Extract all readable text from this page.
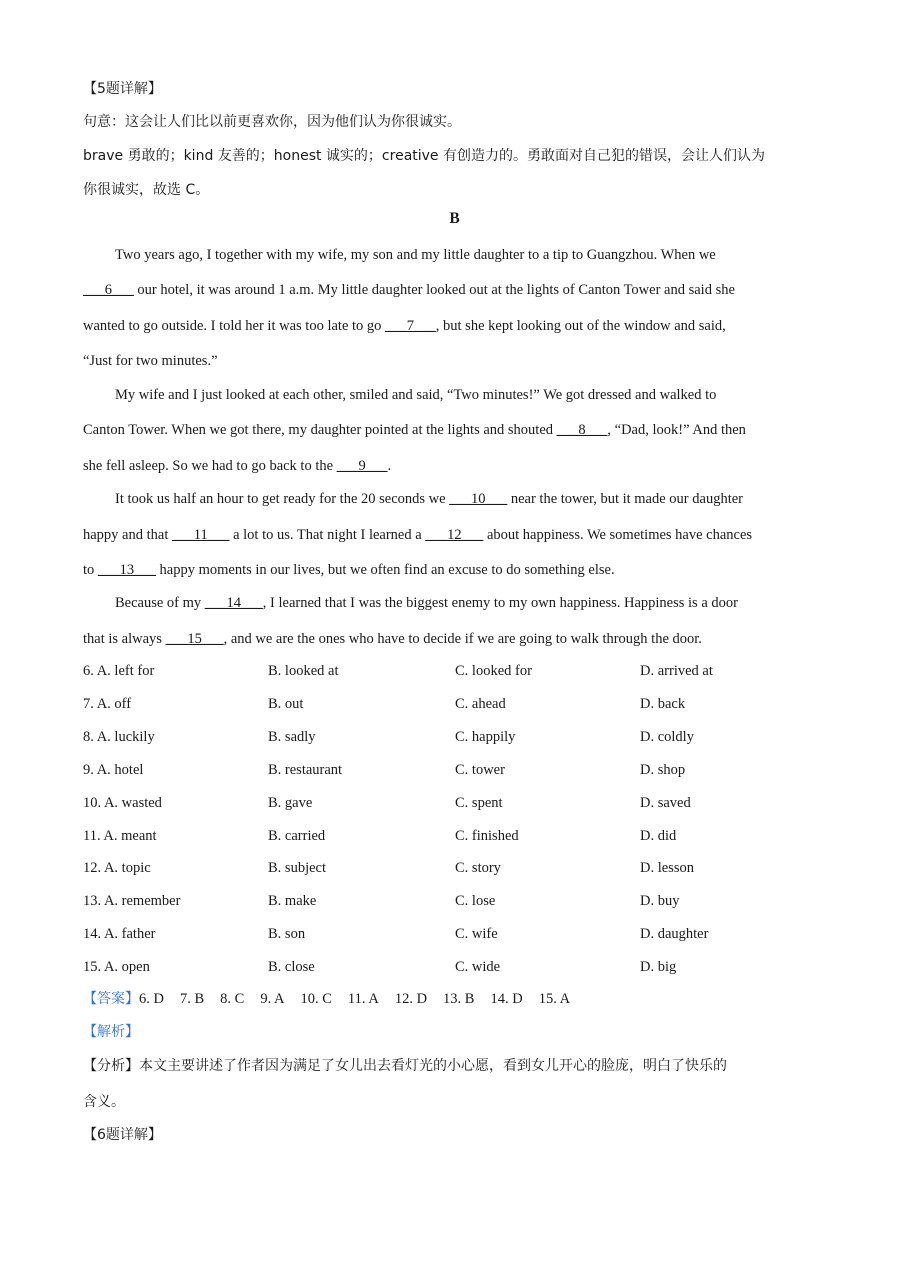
【5题详解】
句意：这会让人们比以前更喜欢你，因为他们认为你很诚实。
brave 勇敢的；kind 友善的；honest 诚实的；creative 有创造力的。勇敢面对自己犯的错误，会让人们认为
你很诚实，故选 C。
B
Two years ago, I together with my wife, my son and my little daughter to a tip to Guangzhou. When we
___6___ our hotel, it was around 1 a.m. My little daughter looked out at the lights of Canton Tower and said she
wanted to go outside. I told her it was too late to go ___7___, but she kept looking out of the window and said,
“Just for two minutes.”
My wife and I just looked at each other, smiled and said, “Two minutes!” We got dressed and walked to
Canton Tower. When we got there, my daughter pointed at the lights and shouted ___8___, “Dad, look!” And then
she fell asleep. So we had to go back to the ___9___.
It took us half an hour to get ready for the 20 seconds we ___10___ near the tower, but it made our daughter
happy and that ___11___ a lot to us. That night I learned a ___12___ about happiness. We sometimes have chances
to ___13___ happy moments in our lives, but we often find an excuse to do something else.
Because of my ___14___, I learned that I was the biggest enemy to my own happiness. Happiness is a door
that is always ___15___, and we are the ones who have to decide if we are going to walk through the door.
6. A. left for	B. looked at	C. looked for	D. arrived at
7. A. off	B. out	C. ahead	D. back
8. A. luckily	B. sadly	C. happily	D. coldly
9. A. hotel	B. restaurant	C. tower	D. shop
10. A. wasted	B. gave	C. spent	D. saved
11. A. meant	B. carried	C. finished	D. did
12. A. topic	B. subject	C. story	D. lesson
13. A. remember	B. make	C. lose	D. buy
14. A. father	B. son	C. wife	D. daughter
15. A. open	B. close	C. wide	D. big
【答案】6. D 7. B 8. C 9. A 10. C 11. A 12. D 13. B 14. D 15. A
【解析】
【分析】本文主要讲述了作者因为满足了女儿出去看灯光的小心愿，看到女儿开心的脸庞，明白了快乐的
含义。
【6题详解】
